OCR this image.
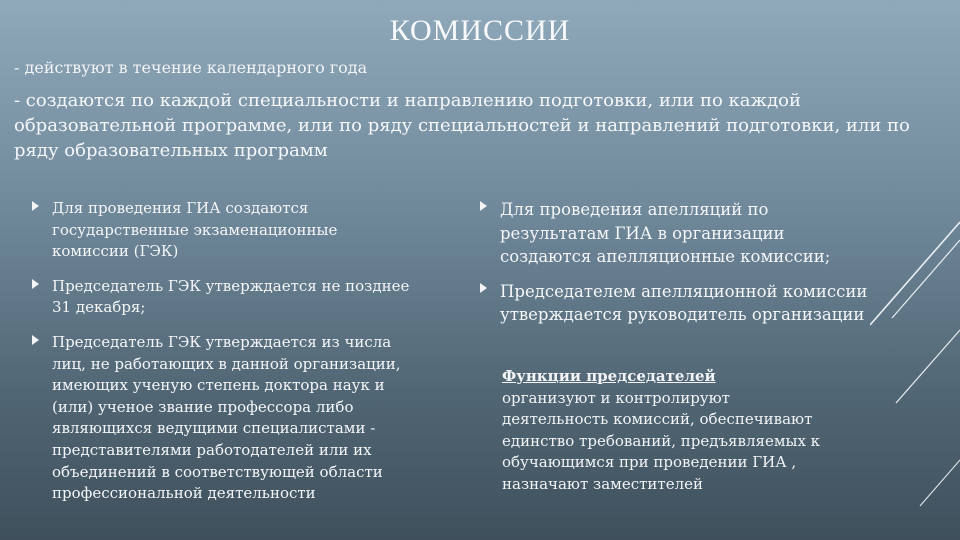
КОМИССИИ
- действуют в течение календарного года
- создаются по каждой специальности и направлению подготовки, или по каждой образовательной программе, или по ряду специальностей и направлений подготовки, или по ряду образовательных программ
Для проведения ГИА создаются государственные экзаменационные комиссии (ГЭК)
Председатель ГЭК утверждается не позднее 31 декабря;
Председатель ГЭК утверждается из числа лиц, не работающих в данной организации, имеющих ученую степень доктора наук и (или) ученое звание профессора либо являющихся ведущими специалистами - представителями работодателей или их объединений в соответствующей области профессиональной деятельности
Для проведения апелляций по результатам ГИА в организации создаются апелляционные комиссии;
Председателем апелляционной комиссии утверждается руководитель организации
Функции председателей
организуют и контролируют деятельность комиссий, обеспечивают единство требований, предъявляемых к обучающимся при проведении ГИА , назначают заместителей
